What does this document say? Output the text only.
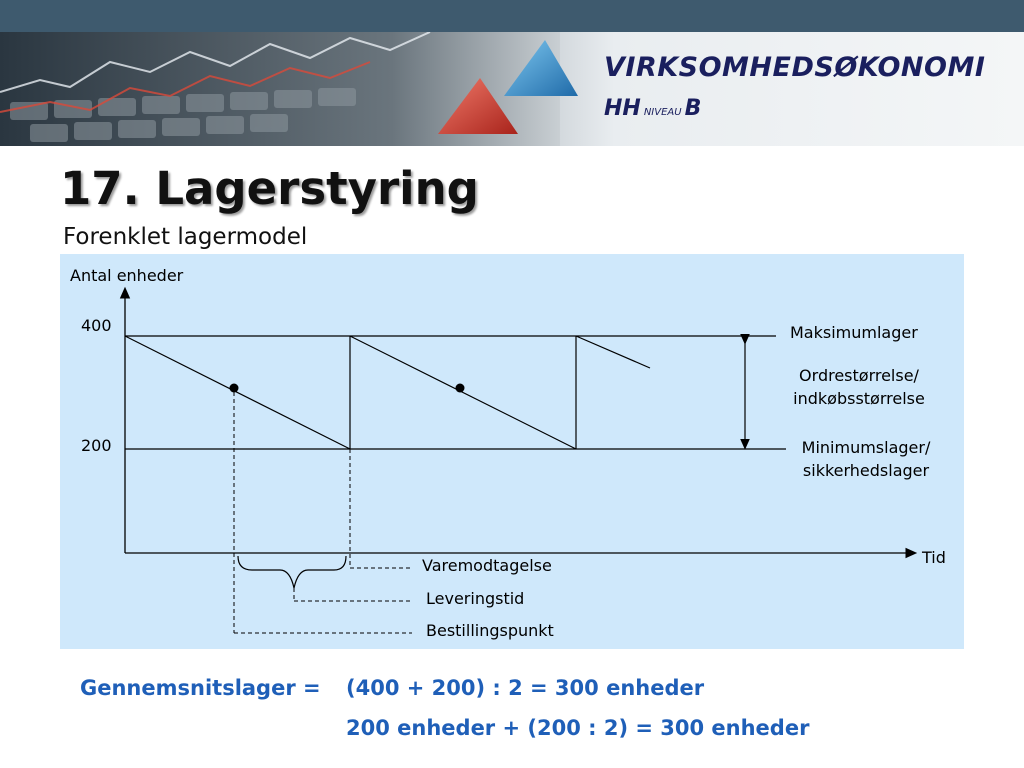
VIRKSOMHEDSØKONOMI
HH NIVEAU B
17. Lagerstyring
Forenklet lagermodel
Antal enheder
400
200
Tid
Maksimumlager
Ordrestørrelse/
indkøbsstørrelse
Minimumslager/
sikkerhedslager
Varemodtagelse
Leveringstid
Bestillingspunkt
Gennemsnitslager = (400 + 200) : 2 = 300 enheder
200 enheder + (200 : 2) = 300 enheder
